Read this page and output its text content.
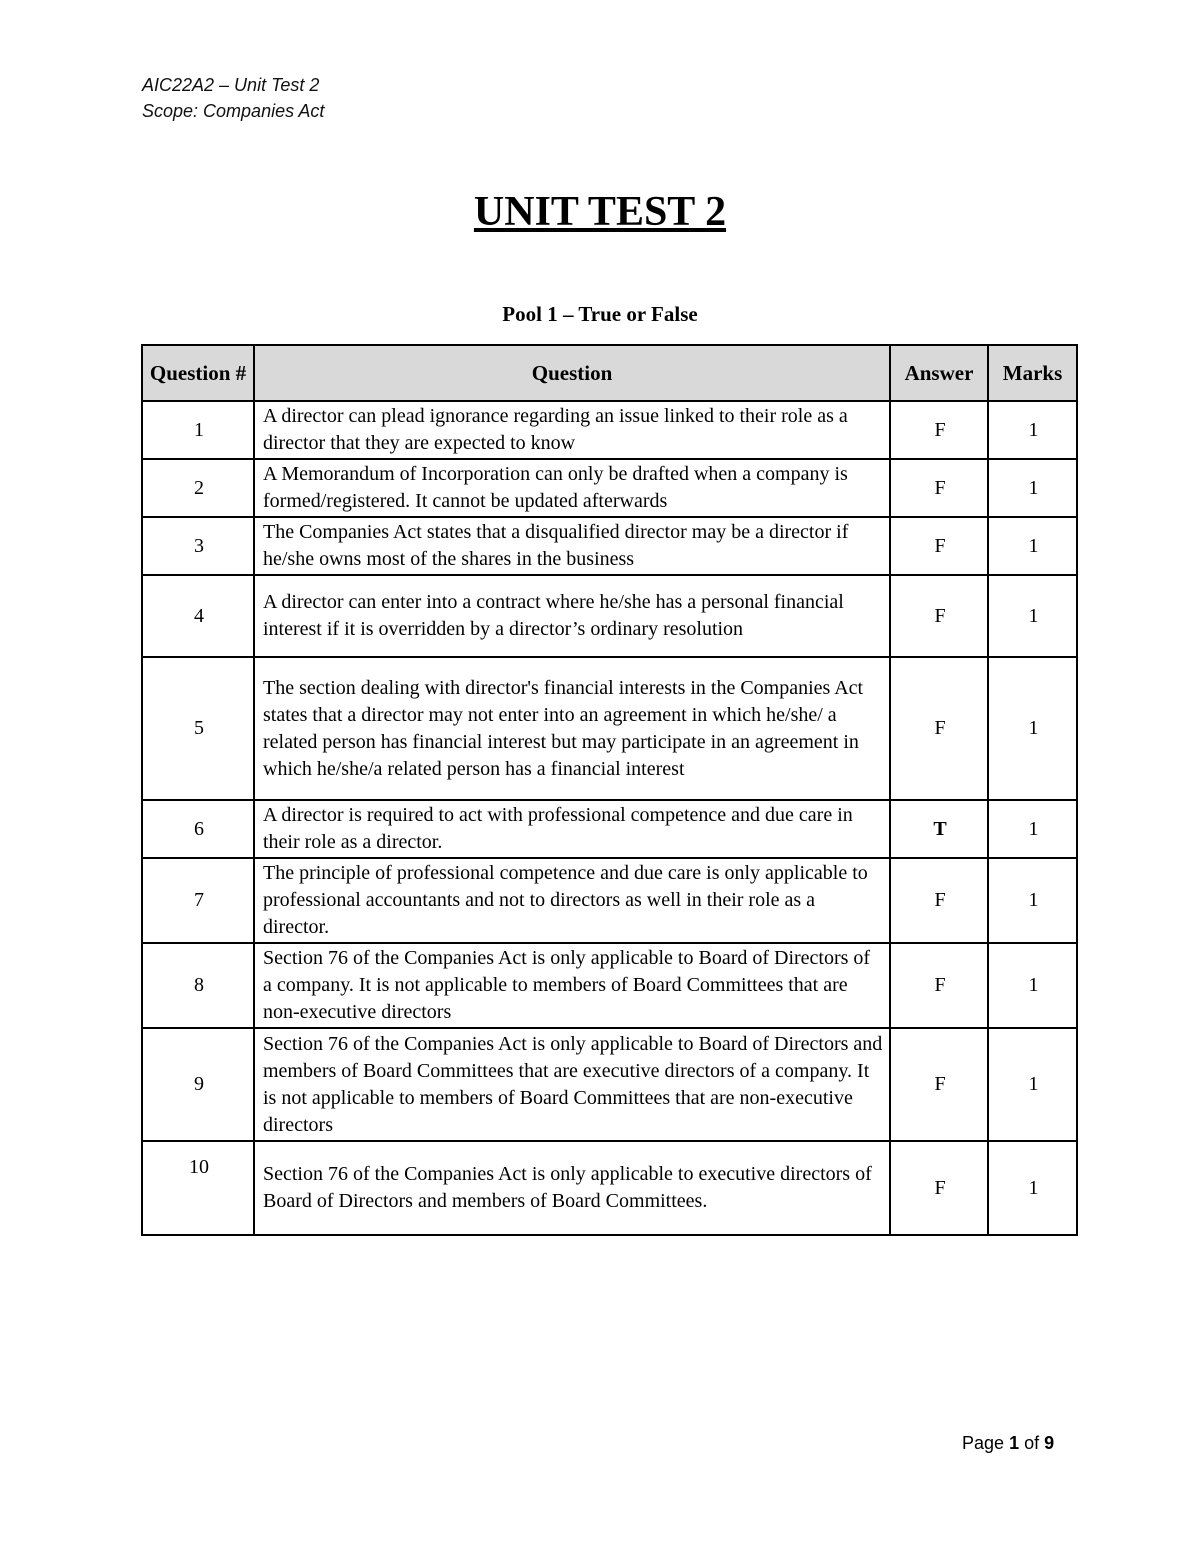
AIC22A2 – Unit Test 2
Scope: Companies Act
UNIT TEST 2
Pool 1 – True or False
Question #	Question	Answer	Marks
1	A director can plead ignorance regarding an issue linked to their role as a director that they are expected to know	F	1
2	A Memorandum of Incorporation can only be drafted when a company is formed/registered. It cannot be updated afterwards	F	1
3	The Companies Act states that a disqualified director may be a director if he/she owns most of the shares in the business	F	1
4	A director can enter into a contract where he/she has a personal financial interest if it is overridden by a director’s ordinary resolution	F	1
5	The section dealing with director's financial interests in the Companies Act states that a director may not enter into an agreement in which he/she/ a related person has financial interest but may participate in an agreement in which he/she/a related person has a financial interest	F	1
6	A director is required to act with professional competence and due care in their role as a director.	T	1
7	The principle of professional competence and due care is only applicable to professional accountants and not to directors as well in their role as a director.	F	1
8	Section 76 of the Companies Act is only applicable to Board of Directors of a company. It is not applicable to members of Board Committees that are non-executive directors	F	1
9	Section 76 of the Companies Act is only applicable to Board of Directors and members of Board Committees that are executive directors of a company. It is not applicable to members of Board Committees that are non-executive directors	F	1
10	Section 76 of the Companies Act is only applicable to executive directors of Board of Directors and members of Board Committees.	F	1
Page 1 of 9
